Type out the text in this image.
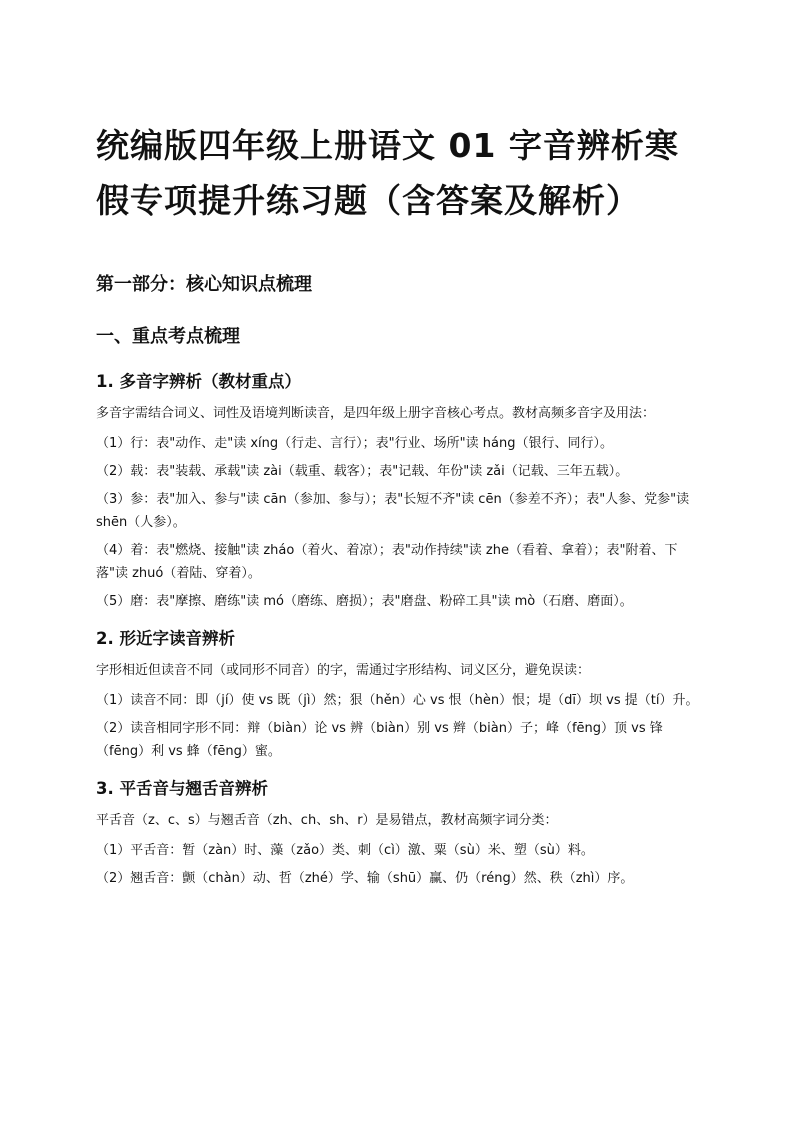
统编版四年级上册语文 01 字音辨析寒假专项提升练习题（含答案及解析）
第一部分：核心知识点梳理
一、重点考点梳理
1. 多音字辨析（教材重点）
多音字需结合词义、词性及语境判断读音，是四年级上册字音核心考点。教材高频多音字及用法：
（1）行：表"动作、走"读 xíng（行走、言行）；表"行业、场所"读 háng（银行、同行）。
（2）载：表"装载、承载"读 zài（载重、载客）；表"记载、年份"读 zǎi（记载、三年五载）。
（3）参：表"加入、参与"读 cān（参加、参与）；表"长短不齐"读 cēn（参差不齐）；表"人参、党参"读 shēn（人参）。
（4）着：表"燃烧、接触"读 zháo（着火、着凉）；表"动作持续"读 zhe（看着、拿着）；表"附着、下落"读 zhuó（着陆、穿着）。
（5）磨：表"摩擦、磨练"读 mó（磨练、磨损）；表"磨盘、粉碎工具"读 mò（石磨、磨面）。
2. 形近字读音辨析
字形相近但读音不同（或同形不同音）的字，需通过字形结构、词义区分，避免误读：
（1）读音不同：即（jí）使 vs 既（jì）然；狠（hěn）心 vs 恨（hèn）恨；堤（dī）坝 vs 提（tí）升。
（2）读音相同字形不同：辩（biàn）论 vs 辨（biàn）别 vs 辫（biàn）子；峰（fēng）顶 vs 锋（fēng）利 vs 蜂（fēng）蜜。
3. 平舌音与翘舌音辨析
平舌音（z、c、s）与翘舌音（zh、ch、sh、r）是易错点，教材高频字词分类：
（1）平舌音：暂（zàn）时、藻（zǎo）类、刺（cì）激、粟（sù）米、塑（sù）料。
（2）翘舌音：颤（chàn）动、哲（zhé）学、输（shū）赢、仍（réng）然、秩（zhì）序。
